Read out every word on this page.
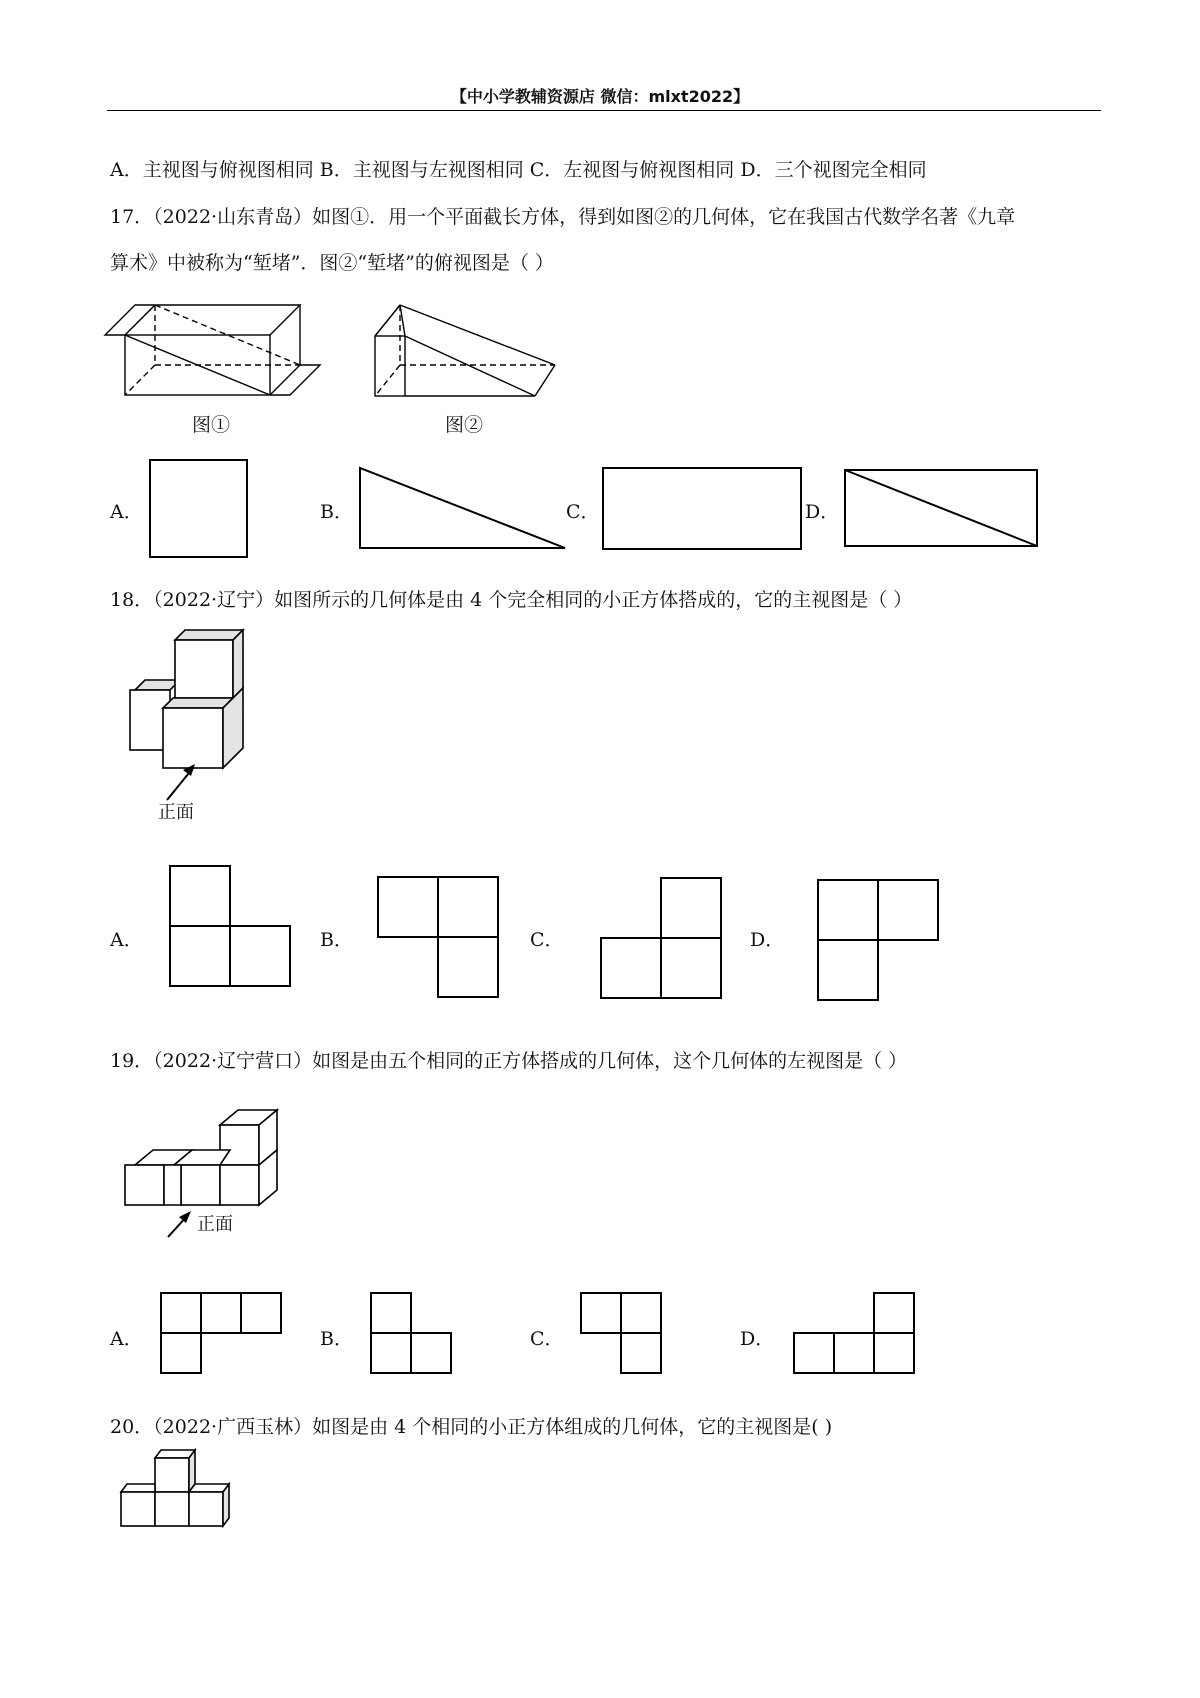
【中小学教辅资源店 微信：mlxt2022】
A．主视图与俯视图相同 B．主视图与左视图相同 C．左视图与俯视图相同 D．三个视图完全相同
17．（2022·山东青岛）如图①．用一个平面截长方体，得到如图②的几何体，它在我国古代数学名著《九章
算术》中被称为“堑堵”．图②“堑堵”的俯视图是（ ）
图①	图②
A．	B．	C．	D．
18．（2022·辽宁）如图所示的几何体是由 4 个完全相同的小正方体搭成的，它的主视图是（ ）
正面
A．	B．	C．	D．
19．（2022·辽宁营口）如图是由五个相同的正方体搭成的几何体，这个几何体的左视图是（ ）
正面
A．	B．	C．	D．
20．（2022·广西玉林）如图是由 4 个相同的小正方体组成的几何体，它的主视图是( )
